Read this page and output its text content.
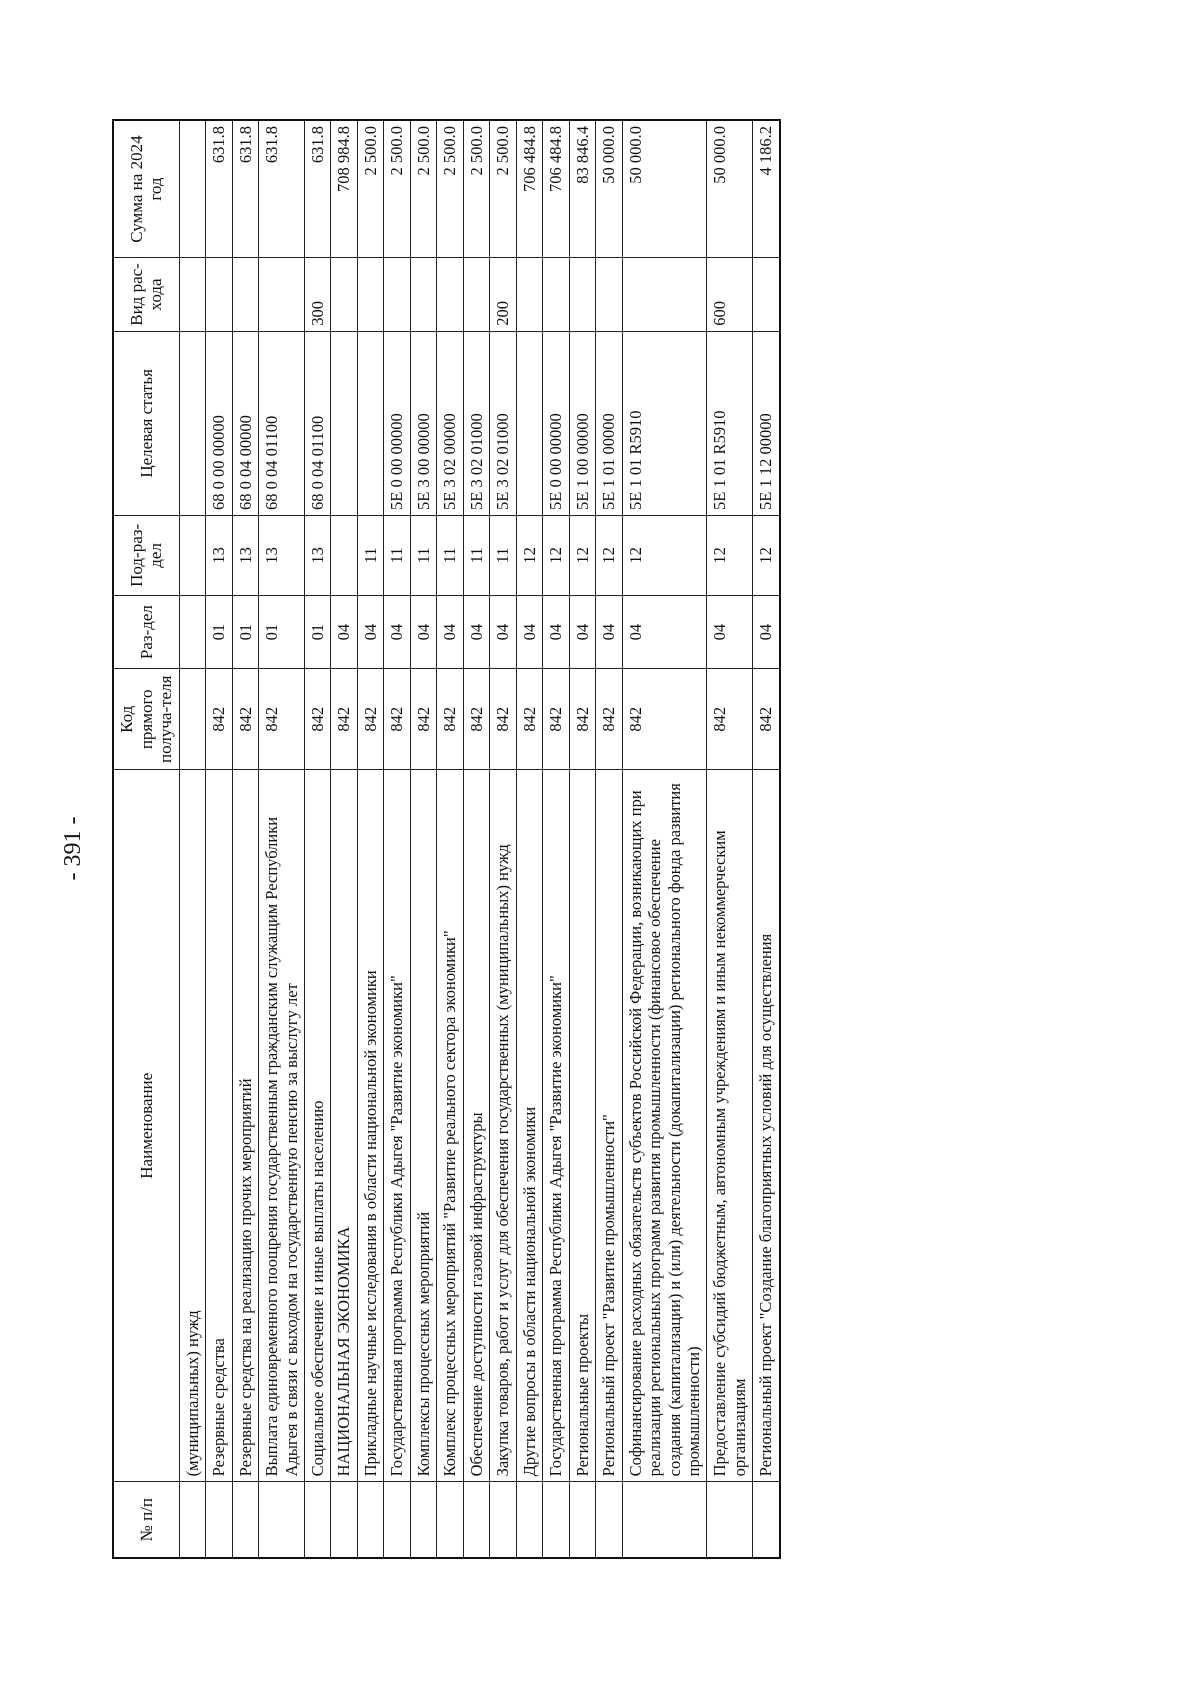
- 391 -
№ п/п	Наименование	Код прямого получа-теля	Раз-дел	Под-раз-дел	Целевая статья	Вид рас-хода	Сумма на 2024 год
	(муниципальных) нужд						
	Резервные средства	842	01	13	68 0 00 00000		631.8
	Резервные средства на реализацию прочих мероприятий	842	01	13	68 0 04 00000		631.8
	Выплата единовременного поощрения государственным гражданским служащим Республики Адыгея в связи с выходом на государственную пенсию за выслугу лет	842	01	13	68 0 04 01100		631.8
	Социальное обеспечение и иные выплаты населению	842	01	13	68 0 04 01100	300	631.8
	НАЦИОНАЛЬНАЯ ЭКОНОМИКА	842	04				708 984.8
	Прикладные научные исследования в области национальной экономики	842	04	11			2 500.0
	Государственная программа Республики Адыгея "Развитие экономики"	842	04	11	5Е 0 00 00000		2 500.0
	Комплексы процессных мероприятий	842	04	11	5Е 3 00 00000		2 500.0
	Комплекс процессных мероприятий "Развитие реального сектора экономики"	842	04	11	5Е 3 02 00000		2 500.0
	Обеспечение доступности газовой инфраструктуры	842	04	11	5Е 3 02 01000		2 500.0
	Закупка товаров, работ и услуг для обеспечения государственных (муниципальных) нужд	842	04	11	5Е 3 02 01000	200	2 500.0
	Другие вопросы в области национальной экономики	842	04	12			706 484.8
	Государственная программа Республики Адыгея "Развитие экономики"	842	04	12	5Е 0 00 00000		706 484.8
	Региональные проекты	842	04	12	5Е 1 00 00000		83 846.4
	Региональный проект "Развитие промышленности"	842	04	12	5Е 1 01 00000		50 000.0
	Софинансирование расходных обязательств субъектов Российской Федерации, возникающих при реализации региональных программ развития промышленности (финансовое обеспечение создания (капитализации) и (или) деятельности (докапитализации) регионального фонда развития промышленности)	842	04	12	5Е 1 01 R5910		50 000.0
	Предоставление субсидий бюджетным, автономным учреждениям и иным некоммерческим организациям	842	04	12	5Е 1 01 R5910	600	50 000.0
	Региональный проект "Создание благоприятных условий для осуществления	842	04	12	5Е 1 12 00000		4 186.2
